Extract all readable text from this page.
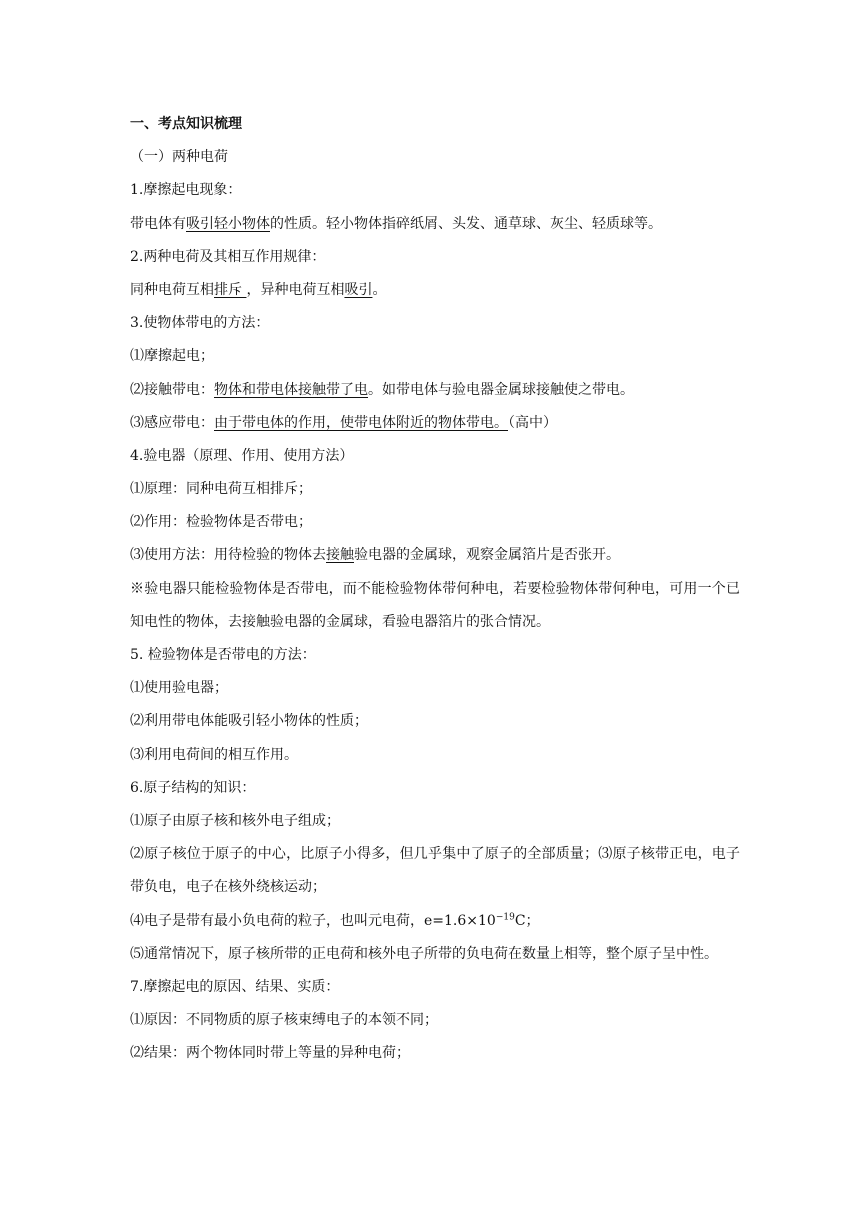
一、考点知识梳理
（一）两种电荷
1.摩擦起电现象：
带电体有吸引轻小物体的性质。轻小物体指碎纸屑、头发、通草球、灰尘、轻质球等。
2.两种电荷及其相互作用规律：
同种电荷互相排斥 ，异种电荷互相吸引。
3.使物体带电的方法：
⑴摩擦起电；
⑵接触带电：物体和带电体接触带了电。如带电体与验电器金属球接触使之带电。
⑶感应带电：由于带电体的作用，使带电体附近的物体带电。（高中）
4.验电器（原理、作用、使用方法）
⑴原理：同种电荷互相排斥；
⑵作用：检验物体是否带电；
⑶使用方法：用待检验的物体去接触验电器的金属球，观察金属箔片是否张开。
※验电器只能检验物体是否带电，而不能检验物体带何种电，若要检验物体带何种电，可用一个已知电性的物体，去接触验电器的金属球，看验电器箔片的张合情况。
5. 检验物体是否带电的方法：
⑴使用验电器；
⑵利用带电体能吸引轻小物体的性质；
⑶利用电荷间的相互作用。
6.原子结构的知识：
⑴原子由原子核和核外电子组成；
⑵原子核位于原子的中心，比原子小得多，但几乎集中了原子的全部质量；⑶原子核带正电，电子带负电，电子在核外绕核运动；
⑷电子是带有最小负电荷的粒子，也叫元电荷，$e=1.6\times 10^{-19}C$；
⑸通常情况下，原子核所带的正电荷和核外电子所带的负电荷在数量上相等，整个原子呈中性。
7.摩擦起电的原因、结果、实质：
⑴原因：不同物质的原子核束缚电子的本领不同；
⑵结果：两个物体同时带上等量的异种电荷；
